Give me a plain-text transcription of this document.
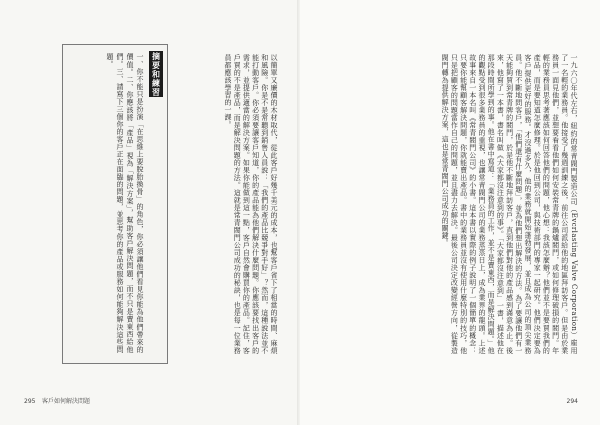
摘要和練習
一、你不能只是扮演「在思維上要脫胎換骨」的角色，你必須讓他們看見你能為他們帶來的價值。二、你應該將「產品」視為「解決方案」，幫助客戶解決問題，而不只是賣東西給他們。三、請寫下三個你的客戶正在面臨的問題，並思考你的產品或服務如何能夠解決這些問題。	以簡單又廉價的木材取代，從此客戶好幾千美元的成本，也幫客戶省下了相當的時間、麻煩和風險。你是不是常聽到銷售人員說：「我們的產品比競爭對手好」？然而，這種說法並不能打動客戶。你必須要讓客戶知道，你的產品能為他們解決什麼問題。你應該要找出客戶的需求，並提供適當的解決方案。如果你能做到這一點，客戶自然會購買你的產品。記住，客戶買的不是產品，而是解決問題的方法。這就是常青閥門公司成功的秘訣，也是每一位業務員都應該學習的一課。
295 客戶如何解決問題
一九六〇年代左右，紐約的常青閥門製造公司（Evcrlasting Valve Corporation）雇用了一名輕的業務員。他接受了幾週訓練之後，前往公司派給他的地區拜訪客戶。但是由於業務員一面見他們，並想要看看他們如何安裝常青牌的鍋爐閥門，或如何修理破損的閥門。年輕的業務員思考著應該如何回答他們的問題，他心想：我該怎麼辦？他們並不是要買我們的產品，而是要知道怎麼修理。於是他回到公司，與技術部門的專家一起研究。他們決定要為客戶提供更好的服務。才沒過多久，他的業務就開始蓬勃發展，並且成為公司的頂尖業務員。他不斷地問客戶，「他們還有什麼問題」，並為他們想出解決的方法。為了要讓他們有一天能夠買到常青牌的閥門，於是他不斷地拜訪客戶，直到他們對他的產品感到滿意為止。後來，他寫了一本書，書名叫做《大家都沒注意到的事》。「大家都沒注意到」一書，描述他在那段時間所學到的事。他在書中寫道：「業務員的工作，並不是賣東西，而是解決問題。」他的觀點受到很多業務員的重視，也讓常青閥門公司的業務蒸蒸日上，成為業界的龍頭。上述故事來自一本名叫《常青閥門公司》的小書。這本書以實際的例子說明了一個簡單的概念：只要你能幫顧客解決問題，你就能賣出產品。書中的業務員並沒有使用什麼特別的技巧，他只是把顧客的問題當作自己的問題，並且盡力去解決。最後公司決定改變經營方向，從製造閥門轉為提供解決方案，這也是常青閥門公司成功的關鍵。
294
